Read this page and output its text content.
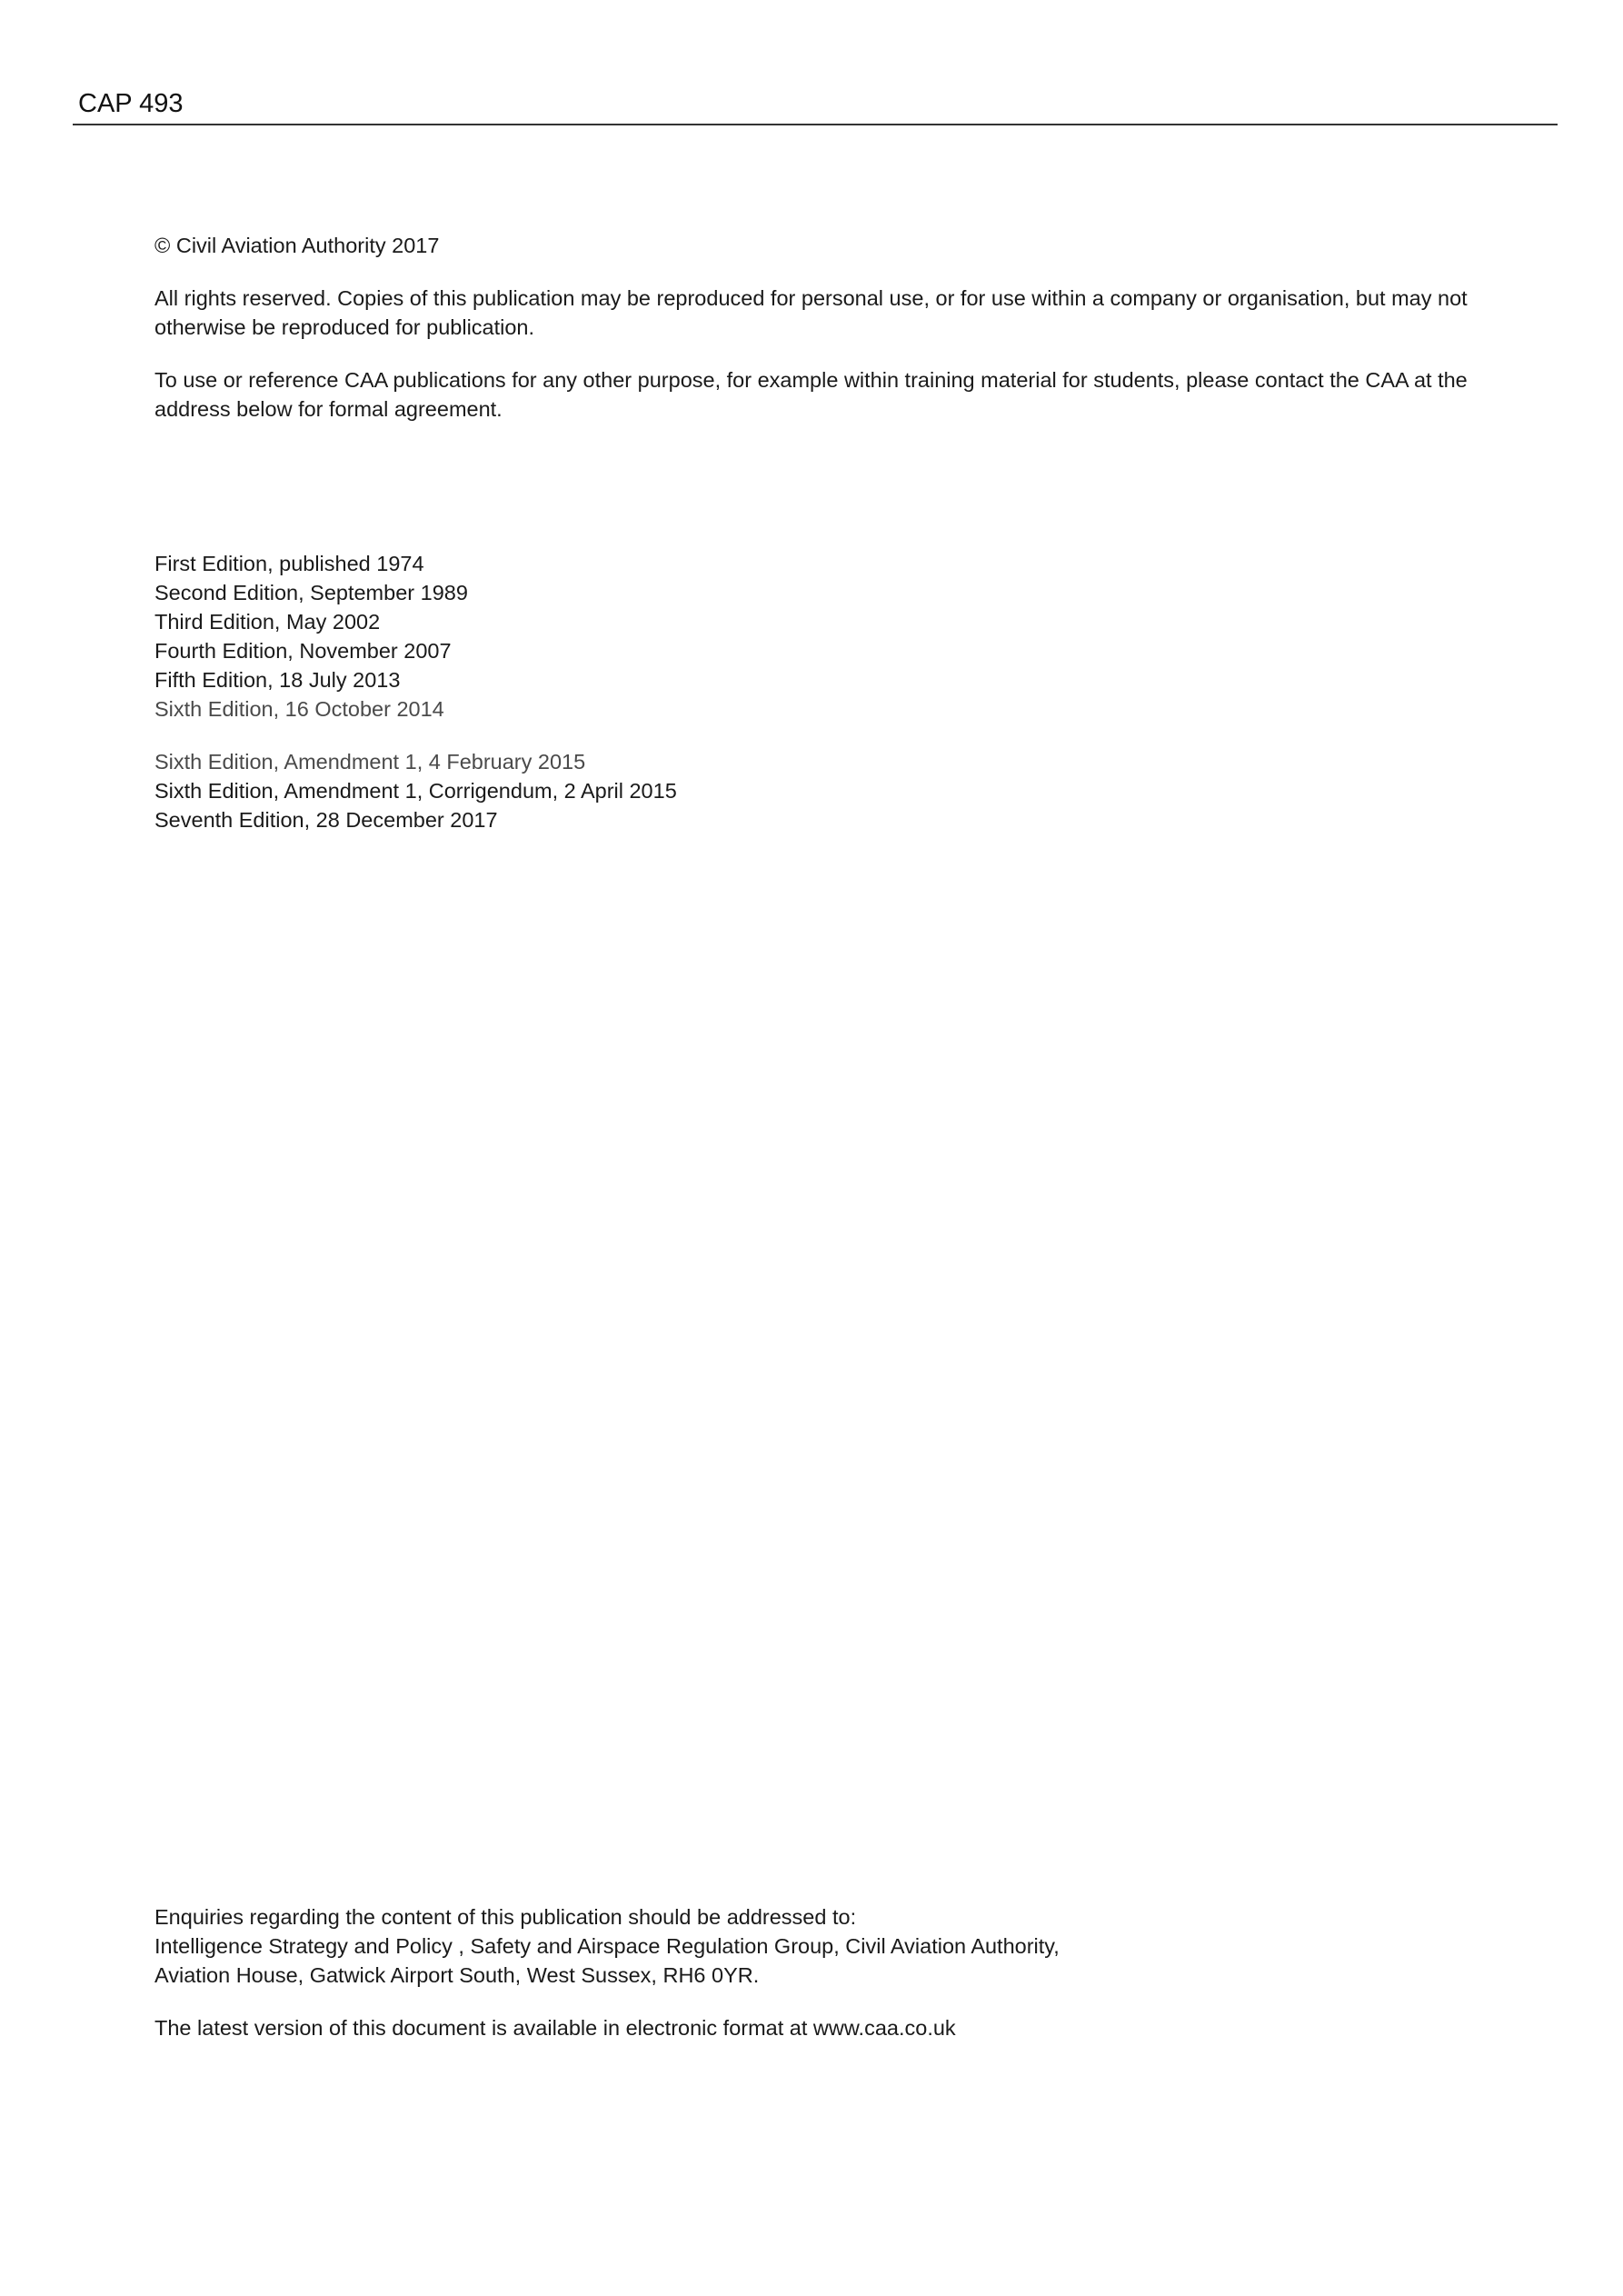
CAP 493

© Civil Aviation Authority 2017

All rights reserved. Copies of this publication may be reproduced for personal use, or for use within a company or organisation, but may not otherwise be reproduced for publication.

To use or reference CAA publications for any other purpose, for example within training material for students, please contact the CAA at the address below for formal agreement.

First Edition, published 1974
Second Edition, September 1989
Third Edition, May 2002
Fourth Edition, November 2007
Fifth Edition, 18 July 2013
Sixth Edition, 16 October 2014
Sixth Edition, Amendment 1, 4 February 2015
Sixth Edition, Amendment 1, Corrigendum, 2 April 2015
Seventh Edition, 28 December 2017

Enquiries regarding the content of this publication should be addressed to:
Intelligence Strategy and Policy , Safety and Airspace Regulation Group, Civil Aviation Authority,
Aviation House, Gatwick Airport South, West Sussex, RH6 0YR.

The latest version of this document is available in electronic format at www.caa.co.uk
